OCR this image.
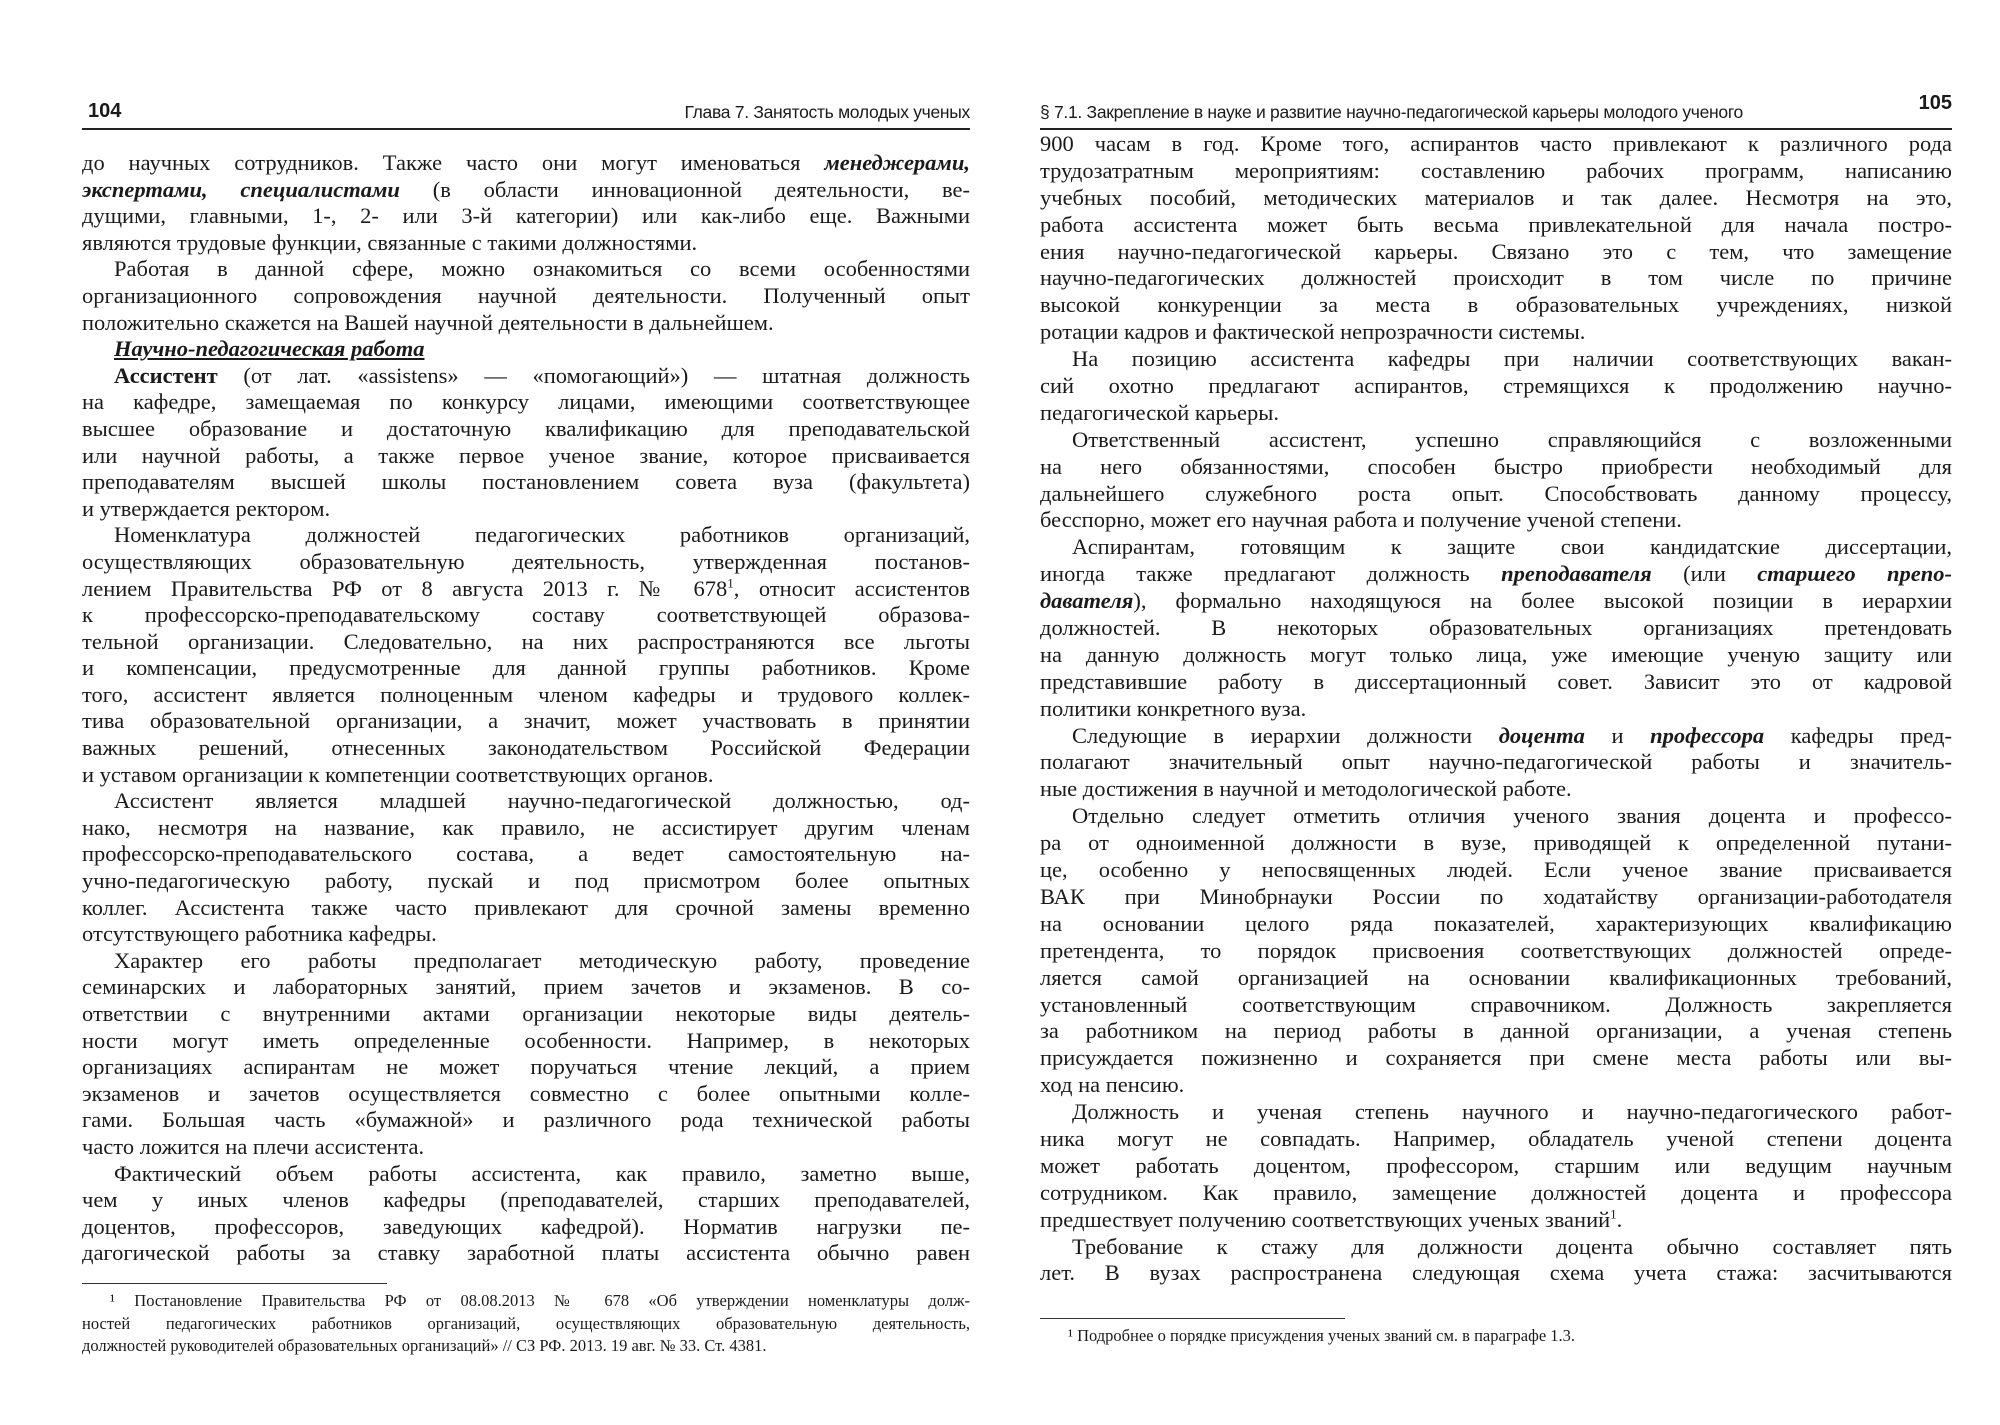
104	Глава 7. Занятость молодых ученых
до научных сотрудников. Также часто они могут именоваться менеджерами,
экспертами, специалистами (в области инновационной деятельности, ве-
дущими, главными, 1-, 2- или 3-й категории) или как-либо еще. Важными
являются трудовые функции, связанные с такими должностями.
Работая в данной сфере, можно ознакомиться со всеми особенностями
организационного сопровождения научной деятельности. Полученный опыт
положительно скажется на Вашей научной деятельности в дальнейшем.
Научно-педагогическая работа
Ассистент (от лат. «assistens» — «помогающий») — штатная должность
на кафедре, замещаемая по конкурсу лицами, имеющими соответствующее
высшее образование и достаточную квалификацию для преподавательской
или научной работы, а также первое ученое звание, которое присваивается
преподавателям высшей школы постановлением совета вуза (факультета)
и утверждается ректором.
Номенклатура должностей педагогических работников организаций,
осуществляющих образовательную деятельность, утвержденная постанов-
лением Правительства РФ от 8 августа 2013 г. № $678^1$, относит ассистентов
к профессорско-преподавательскому составу соответствующей образова-
тельной организации. Следовательно, на них распространяются все льготы
и компенсации, предусмотренные для данной группы работников. Кроме
того, ассистент является полноценным членом кафедры и трудового коллек-
тива образовательной организации, а значит, может участвовать в принятии
важных решений, отнесенных законодательством Российской Федерации
и уставом организации к компетенции соответствующих органов.
Ассистент является младшей научно-педагогической должностью, од-
нако, несмотря на название, как правило, не ассистирует другим членам
профессорско-преподавательского состава, а ведет самостоятельную на-
учно-педагогическую работу, пускай и под присмотром более опытных
коллег. Ассистента также часто привлекают для срочной замены временно
отсутствующего работника кафедры.
Характер его работы предполагает методическую работу, проведение
семинарских и лабораторных занятий, прием зачетов и экзаменов. В со-
ответствии с внутренними актами организации некоторые виды деятель-
ности могут иметь определенные особенности. Например, в некоторых
организациях аспирантам не может поручаться чтение лекций, а прием
экзаменов и зачетов осуществляется совместно с более опытными колле-
гами. Большая часть «бумажной» и различного рода технической работы
часто ложится на плечи ассистента.
Фактический объем работы ассистента, как правило, заметно выше,
чем у иных членов кафедры (преподавателей, старших преподавателей,
доцентов, профессоров, заведующих кафедрой). Норматив нагрузки пе-
дагогической работы за ставку заработной платы ассистента обычно равен
¹ Постановление Правительства РФ от 08.08.2013 № 678 «Об утверждении номенклатуры долж-
ностей педагогических работников организаций, осуществляющих образовательную деятельность,
должностей руководителей образовательных организаций» // СЗ РФ. 2013. 19 авг. № 33. Ст. 4381.
§ 7.1. Закрепление в науке и развитие научно-педагогической карьеры молодого ученого	105
900 часам в год. Кроме того, аспирантов часто привлекают к различного рода
трудозатратным мероприятиям: составлению рабочих программ, написанию
учебных пособий, методических материалов и так далее. Несмотря на это,
работа ассистента может быть весьма привлекательной для начала постро-
ения научно-педагогической карьеры. Связано это с тем, что замещение
научно-педагогических должностей происходит в том числе по причине
высокой конкуренции за места в образовательных учреждениях, низкой
ротации кадров и фактической непрозрачности системы.
На позицию ассистента кафедры при наличии соответствующих вакан-
сий охотно предлагают аспирантов, стремящихся к продолжению научно-
педагогической карьеры.
Ответственный ассистент, успешно справляющийся с возложенными
на него обязанностями, способен быстро приобрести необходимый для
дальнейшего служебного роста опыт. Способствовать данному процессу,
бесспорно, может его научная работа и получение ученой степени.
Аспирантам, готовящим к защите свои кандидатские диссертации,
иногда также предлагают должность преподавателя (или старшего препо-
давателя), формально находящуюся на более высокой позиции в иерархии
должностей. В некоторых образовательных организациях претендовать
на данную должность могут только лица, уже имеющие ученую защиту или
представившие работу в диссертационный совет. Зависит это от кадровой
политики конкретного вуза.
Следующие в иерархии должности доцента и профессора кафедры пред-
полагают значительный опыт научно-педагогической работы и значитель-
ные достижения в научной и методологической работе.
Отдельно следует отметить отличия ученого звания доцента и профессо-
ра от одноименной должности в вузе, приводящей к определенной путани-
це, особенно у непосвященных людей. Если ученое звание присваивается
ВАК при Минобрнауки России по ходатайству организации-работодателя
на основании целого ряда показателей, характеризующих квалификацию
претендента, то порядок присвоения соответствующих должностей опреде-
ляется самой организацией на основании квалификационных требований,
установленный соответствующим справочником. Должность закрепляется
за работником на период работы в данной организации, а ученая степень
присуждается пожизненно и сохраняется при смене места работы или вы-
ход на пенсию.
Должность и ученая степень научного и научно-педагогического работ-
ника могут не совпадать. Например, обладатель ученой степени доцента
может работать доцентом, профессором, старшим или ведущим научным
сотрудником. Как правило, замещение должностей доцента и профессора
предшествует получению соответствующих ученых званий$^1$.
Требование к стажу для должности доцента обычно составляет пять
лет. В вузах распространена следующая схема учета стажа: засчитываются
¹ Подробнее о порядке присуждения ученых званий см. в параграфе 1.3.
